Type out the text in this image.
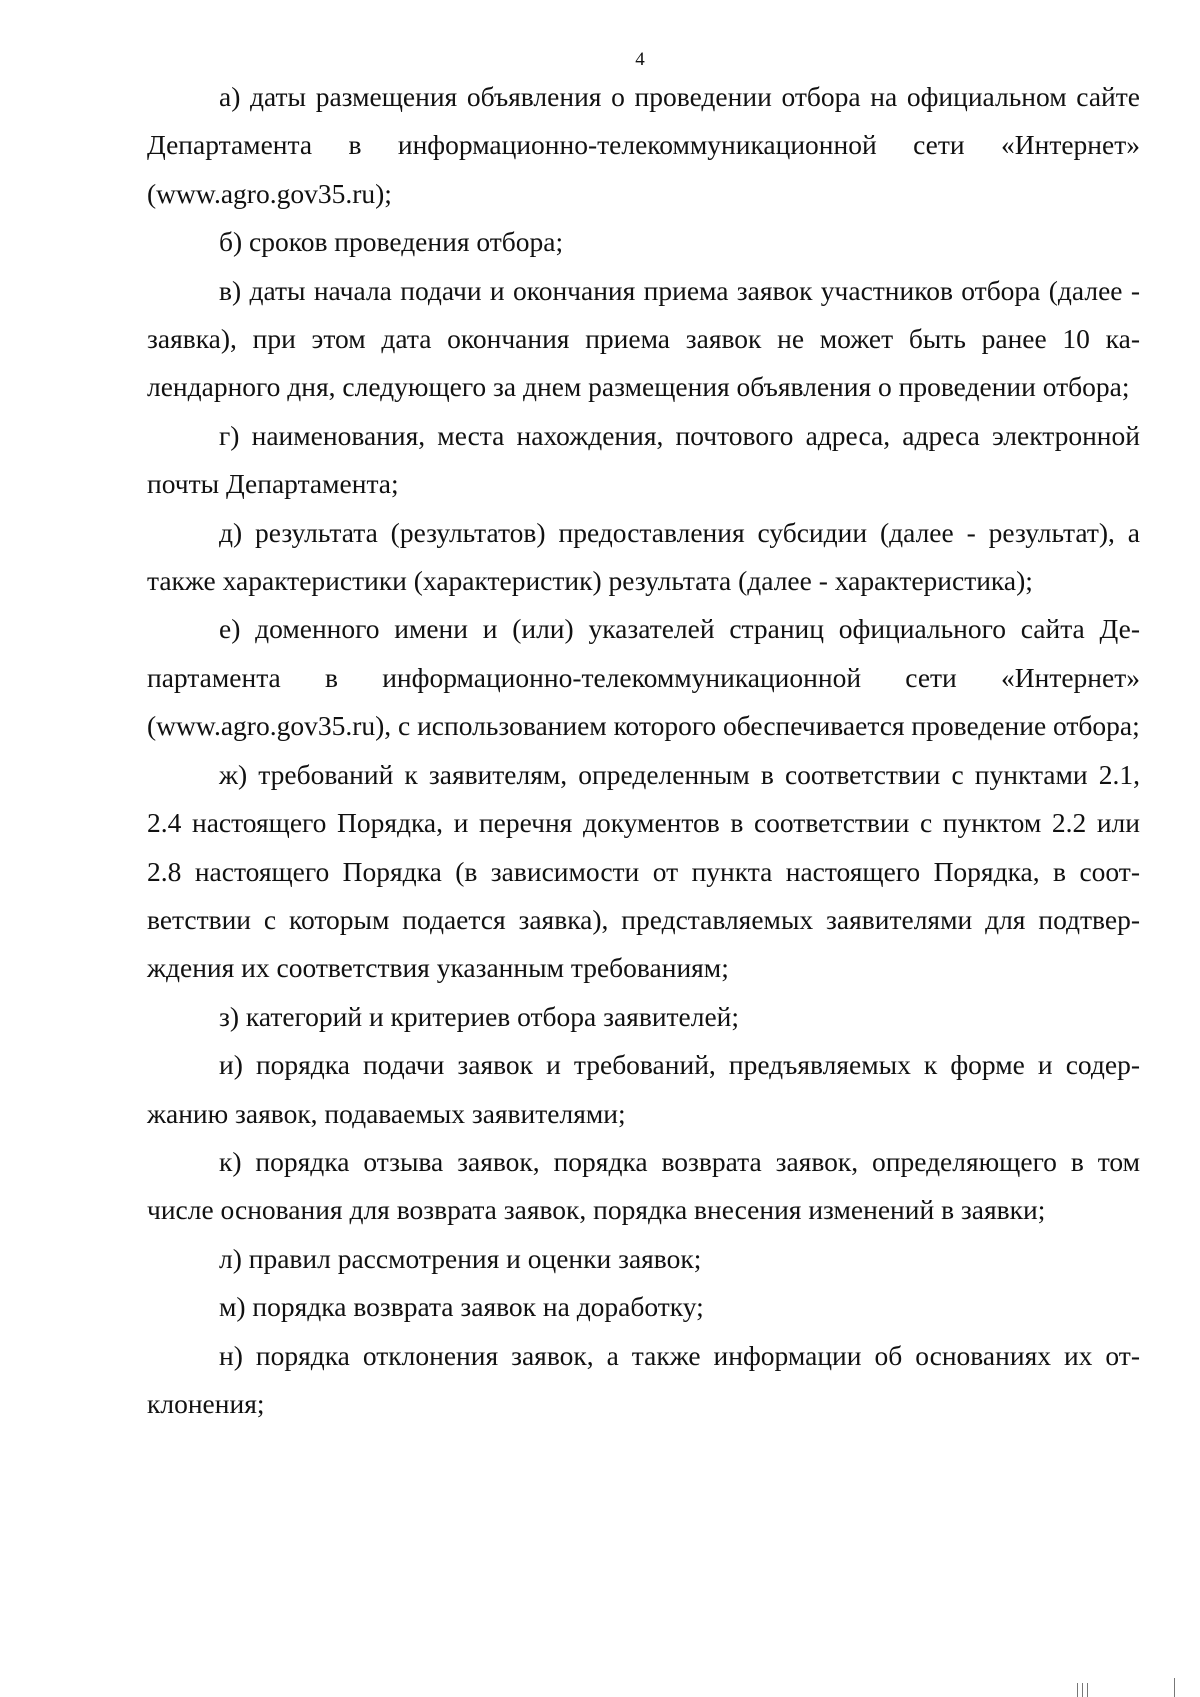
4

а) даты размещения объявления о проведении отбора на официальном сайте Департамента в информационно-телекоммуникационной сети «Интернет» (www.agro.gov35.ru);

б) сроков проведения отбора;

в) даты начала подачи и окончания приема заявок участников отбора (далее - заявка), при этом дата окончания приема заявок не может быть ранее 10 календарного дня, следующего за днем размещения объявления о проведении отбора;

г) наименования, места нахождения, почтового адреса, адреса электронной почты Департамента;

д) результата (результатов) предоставления субсидии (далее - результат), а также характеристики (характеристик) результата (далее - характеристика);

е) доменного имени и (или) указателей страниц официального сайта Департамента в информационно-телекоммуникационной сети «Интернет» (www.agro.gov35.ru), с использованием которого обеспечивается проведение отбора;

ж) требований к заявителям, определенным в соответствии с пунктами 2.1, 2.4 настоящего Порядка, и перечня документов в соответствии с пунктом 2.2 или 2.8 настоящего Порядка (в зависимости от пункта настоящего Порядка, в соответствии с которым подается заявка), представляемых заявителями для подтверждения их соответствия указанным требованиям;

з) категорий и критериев отбора заявителей;

и) порядка подачи заявок и требований, предъявляемых к форме и содержанию заявок, подаваемых заявителями;

к) порядка отзыва заявок, порядка возврата заявок, определяющего в том числе основания для возврата заявок, порядка внесения изменений в заявки;

л) правил рассмотрения и оценки заявок;

м) порядка возврата заявок на доработку;

н) порядка отклонения заявок, а также информации об основаниях их отклонения;
